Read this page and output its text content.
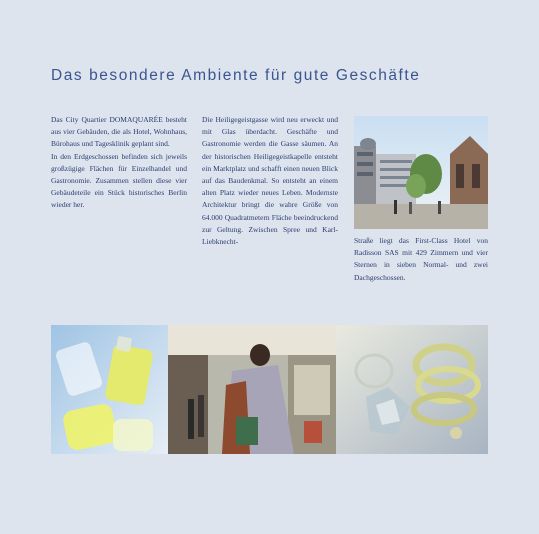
Das besondere Ambiente für gute Geschäfte

Das City Quartier DOMAQUARÉE besteht aus vier Gebäuden, die als Hotel, Wohnhaus, Bürohaus und Tagesklinik geplant sind.

In den Erdgeschossen befinden sich jeweils großzügige Flächen für Einzelhandel und Gastronomie. Zusammen stellen diese vier Gebäudeteile ein Stück historisches Berlin wieder her.

Die Heiligegeistgasse wird neu erweckt und mit Glas überdacht. Geschäfte und Gastronomie werden die Gasse säumen. An der historischen Heiligegeistkapelle entsteht ein Marktplatz und schafft einen neuen Blick auf das Baudenkmal. So entsteht an einem alten Platz wieder neues Leben. Modernste Architektur bringt die wahre Größe von 64.000 Quadratmetern Fläche beeindruckend zur Geltung. Zwischen Spree und Karl-Liebknecht-	Straße liegt das First-Class Hotel von Radisson SAS mit 429 Zimmern und vier Sternen in sieben Normal- und zwei Dachgeschossen.
